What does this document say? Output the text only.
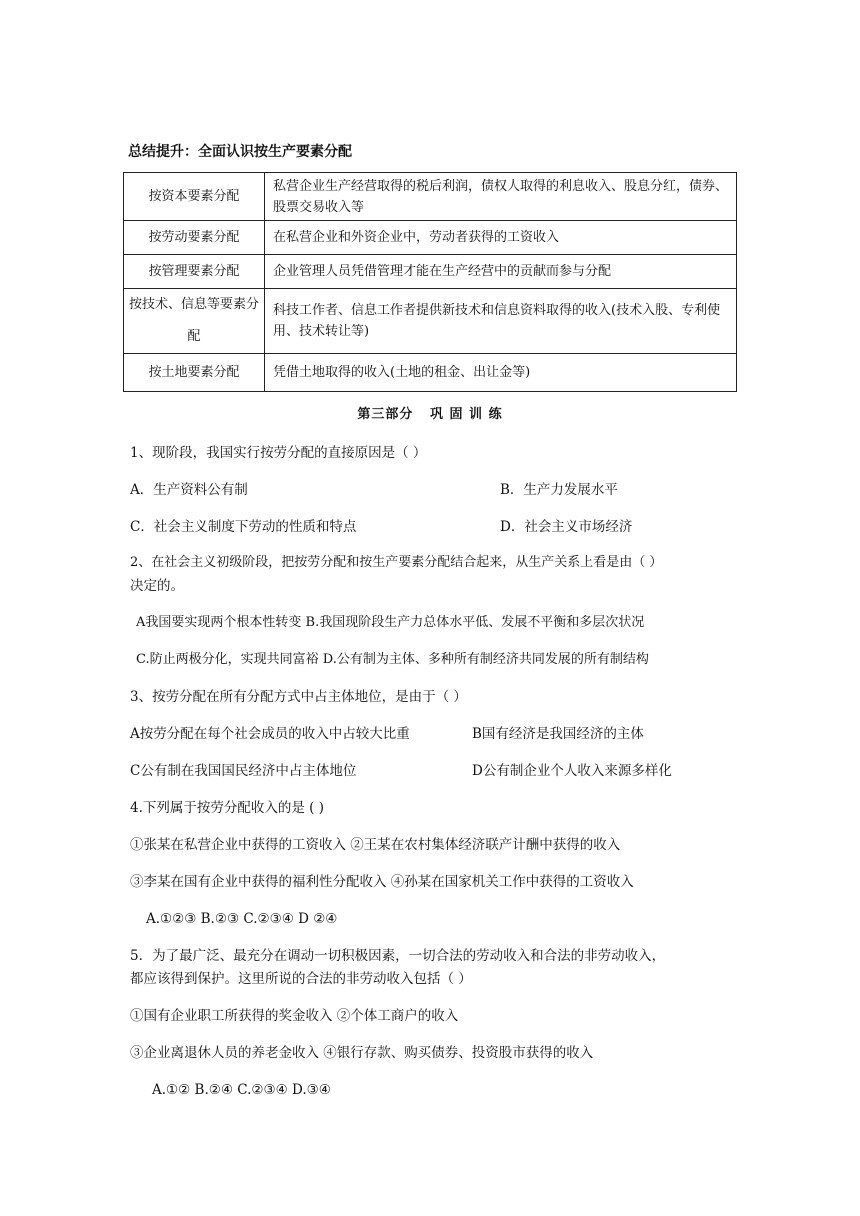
总结提升：全面认识按生产要素分配
按资本要素分配	私营企业生产经营取得的税后利润，债权人取得的利息收入、股息分红，债券、股票交易收入等
按劳动要素分配	在私营企业和外资企业中，劳动者获得的工资收入
按管理要素分配	企业管理人员凭借管理才能在生产经营中的贡献而参与分配
按技术、信息等要素分配	科技工作者、信息工作者提供新技术和信息资料取得的收入(技术入股、专利使用、技术转让等)
按土地要素分配	凭借土地取得的收入(土地的租金、出让金等)
第三部分   巩 固 训 练
1、现阶段，我国实行按劳分配的直接原因是（ ）
A．生产资料公有制	B．生产力发展水平
C．社会主义制度下劳动的性质和特点	D．社会主义市场经济
2、在社会主义初级阶段，把按劳分配和按生产要素分配结合起来，从生产关系上看是由（ ）
决定的。
A我国要实现两个根本性转变 B.我国现阶段生产力总体水平低、发展不平衡和多层次状况
C.防止两极分化，实现共同富裕 D.公有制为主体、多种所有制经济共同发展的所有制结构
3、按劳分配在所有分配方式中占主体地位，是由于（ ）
A按劳分配在每个社会成员的收入中占较大比重	B国有经济是我国经济的主体
C公有制在我国国民经济中占主体地位	D公有制企业个人收入来源多样化
4.下列属于按劳分配收入的是 ( )
①张某在私营企业中获得的工资收入 ②王某在农村集体经济联产计酬中获得的收入
③李某在国有企业中获得的福利性分配收入 ④孙某在国家机关工作中获得的工资收入
A.①②③ B.②③ C.②③④ D ②④
5．为了最广泛、最充分在调动一切积极因素，一切合法的劳动收入和合法的非劳动收入，
都应该得到保护。这里所说的合法的非劳动收入包括（ ）
①国有企业职工所获得的奖金收入 ②个体工商户的收入
③企业离退休人员的养老金收入 ④银行存款、购买债券、投资股市获得的收入
A.①② B.②④ C.②③④ D.③④
